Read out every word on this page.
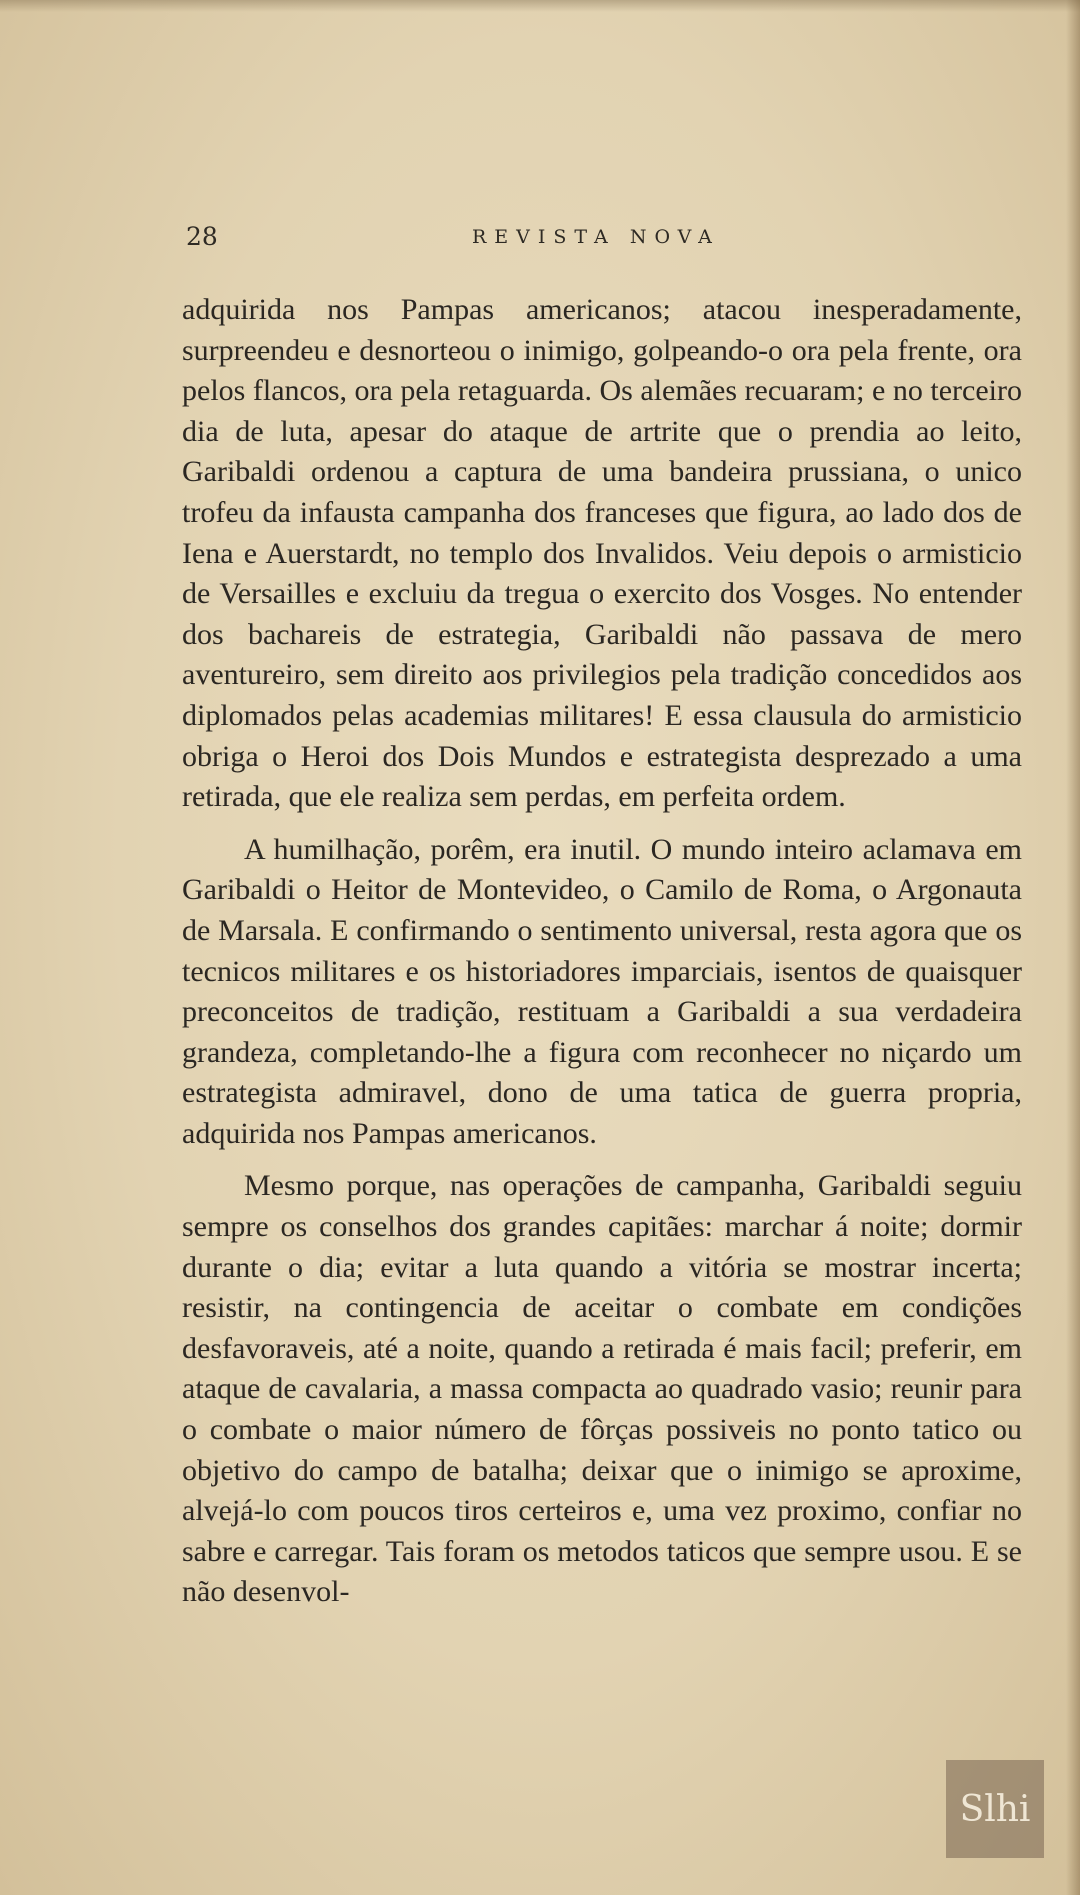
28	REVISTA NOVA

adquirida nos Pampas americanos; atacou inesperadamente, surpreendeu e desnorteou o inimigo, golpeando-o ora pela frente, ora pelos flancos, ora pela retaguarda. Os alemães recuaram; e no terceiro dia de luta, apesar do ataque de artrite que o prendia ao leito, Garibaldi ordenou a captura de uma bandeira prussiana, o unico trofeu da infausta campanha dos franceses que figura, ao lado dos de Iena e Auerstardt, no templo dos Invalidos. Veiu depois o armisticio de Versailles e excluiu da tregua o exercito dos Vosges. No entender dos bachareis de estrategia, Garibaldi não passava de mero aventureiro, sem direito aos privilegios pela tradição concedidos aos diplomados pelas academias militares! E essa clausula do armisticio obriga o Heroi dos Dois Mundos e estrategista desprezado a uma retirada, que ele realiza sem perdas, em perfeita ordem.

A humilhação, porêm, era inutil. O mundo inteiro aclamava em Garibaldi o Heitor de Montevideo, o Camilo de Roma, o Argonauta de Marsala. E confirmando o sentimento universal, resta agora que os tecnicos militares e os historiadores imparciais, isentos de quaisquer preconceitos de tradição, restituam a Garibaldi a sua verdadeira grandeza, completando-lhe a figura com reconhecer no niçardo um estrategista admiravel, dono de uma tatica de guerra propria, adquirida nos Pampas americanos.

Mesmo porque, nas operações de campanha, Garibaldi seguiu sempre os conselhos dos grandes capitães: marchar á noite; dormir durante o dia; evitar a luta quando a vitória se mostrar incerta; resistir, na contingencia de aceitar o combate em condições desfavoraveis, até a noite, quando a retirada é mais facil; preferir, em ataque de cavalaria, a massa compacta ao quadrado vasio; reunir para o combate o maior número de fôrças possiveis no ponto tatico ou objetivo do campo de batalha; deixar que o inimigo se aproxime, alvejá-lo com poucos tiros certeiros e, uma vez proximo, confiar no sabre e carregar. Tais foram os metodos taticos que sempre usou. E se não desenvol-

Slhi
